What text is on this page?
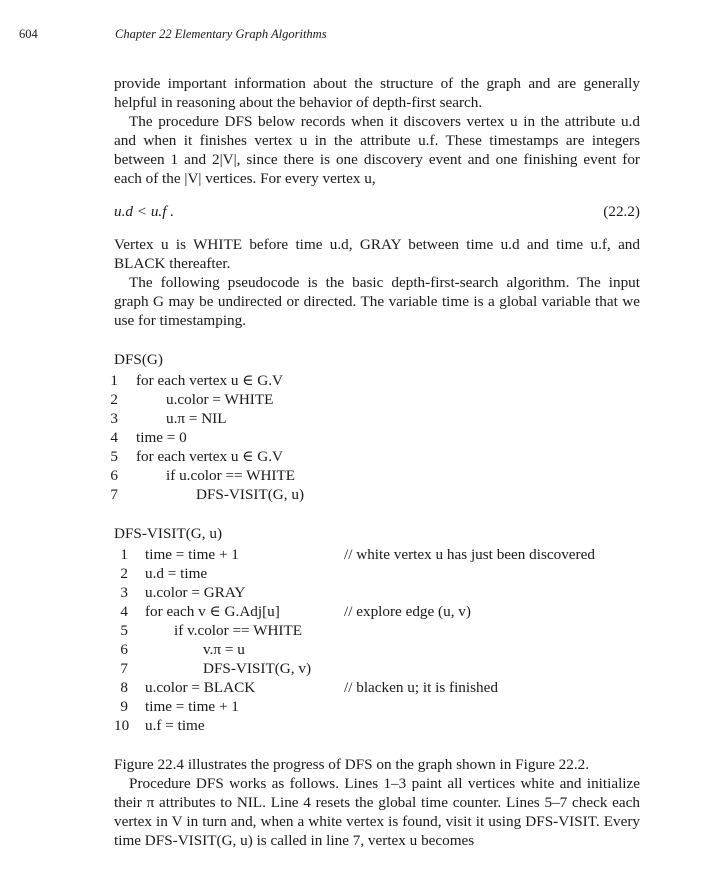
604	Chapter 22 Elementary Graph Algorithms

provide important information about the structure of the graph and are generally helpful in reasoning about the behavior of depth-first search.

The procedure DFS below records when it discovers vertex u in the attribute u.d and when it finishes vertex u in the attribute u.f. These timestamps are integers between 1 and 2|V|, since there is one discovery event and one finishing event for each of the |V| vertices. For every vertex u,

u.d < u.f .	(22.2)

Vertex u is WHITE before time u.d, GRAY between time u.d and time u.f, and BLACK thereafter.

The following pseudocode is the basic depth-first-search algorithm. The input graph G may be undirected or directed. The variable time is a global variable that we use for timestamping.

DFS(G)
1 for each vertex u ∈ G.V
2	u.color = WHITE
3	u.π = NIL
4 time = 0
5 for each vertex u ∈ G.V
6	if u.color == WHITE
7	DFS-VISIT(G, u)
DFS-VISIT(G, u)
1 time = time + 1	// white vertex u has just been discovered
2 u.d = time
3 u.color = GRAY
4 for each v ∈ G.Adj[u]	// explore edge (u, v)
5	if v.color == WHITE
6	v.π = u
7	DFS-VISIT(G, v)
8 u.color = BLACK	// blacken u; it is finished
9 time = time + 1
10 u.f = time

Figure 22.4 illustrates the progress of DFS on the graph shown in Figure 22.2.

Procedure DFS works as follows. Lines 1–3 paint all vertices white and initialize their π attributes to NIL. Line 4 resets the global time counter. Lines 5–7 check each vertex in V in turn and, when a white vertex is found, visit it using DFS-VISIT. Every time DFS-VISIT(G, u) is called in line 7, vertex u becomes
